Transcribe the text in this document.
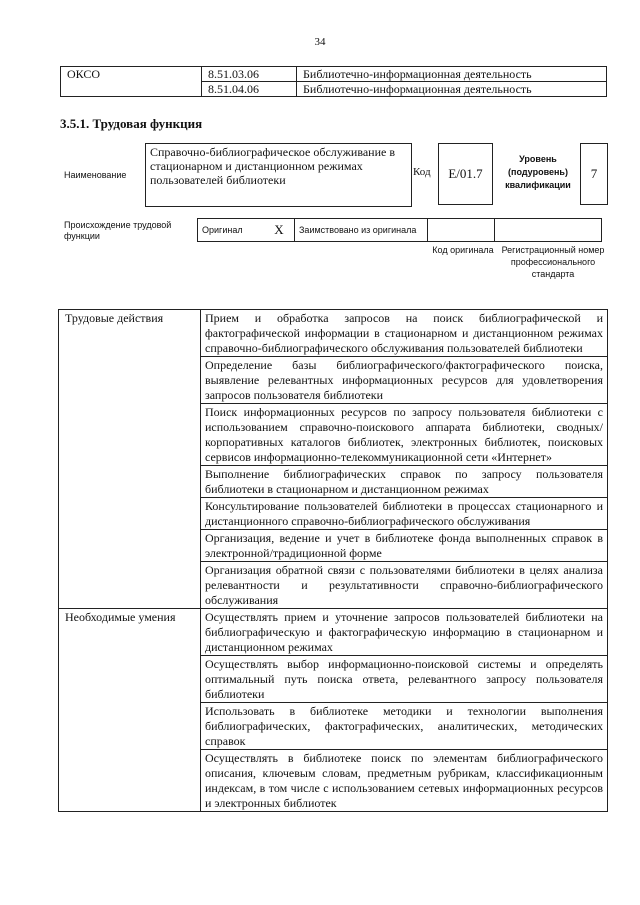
34
ОКСО	8.51.03.06	Библиотечно-информационная деятельность
	8.51.04.06	Библиотечно-информационная деятельность
3.5.1. Трудовая функция
Наименование
Справочно-библиографическое обслуживание в стационарном и дистанционном режимах пользователей библиотеки
Код	Е/01.7
Уровень (подуровень) квалификации
7
Происхождение трудовой функции
Оригинал	Х	Заимствовано из оригинала		
Код оригинала Регистрационный номер профессионального стандарта
Трудовые действия	Прием и обработка запросов на поиск библиографической и фактографической информации в стационарном и дистанционном режимах справочно-библиографического обслуживания пользователей библиотеки
	Определение базы библиографического/фактографического поиска, выявление релевантных информационных ресурсов для удовлетворения запросов пользователя библиотеки
	Поиск информационных ресурсов по запросу пользователя библиотеки с использованием справочно-поискового аппарата библиотеки, сводных/корпоративных каталогов библиотек, электронных библиотек, поисковых сервисов информационно-телекоммуникационной сети «Интернет»
	Выполнение библиографических справок по запросу пользователя библиотеки в стационарном и дистанционном режимах
	Консультирование пользователей библиотеки в процессах стационарного и дистанционного справочно-библиографического обслуживания
	Организация, ведение и учет в библиотеке фонда выполненных справок в электронной/традиционной форме
	Организация обратной связи с пользователями библиотеки в целях анализа релевантности и результативности справочно-библиографического обслуживания
Необходимые умения	Осуществлять прием и уточнение запросов пользователей библиотеки на библиографическую и фактографическую информацию в стационарном и дистанционном режимах
	Осуществлять выбор информационно-поисковой системы и определять оптимальный путь поиска ответа, релевантного запросу пользователя библиотеки
	Использовать в библиотеке методики и технологии выполнения библиографических, фактографических, аналитических, методических справок
	Осуществлять в библиотеке поиск по элементам библиографического описания, ключевым словам, предметным рубрикам, классификационным индексам, в том числе с использованием сетевых информационных ресурсов и электронных библиотек
